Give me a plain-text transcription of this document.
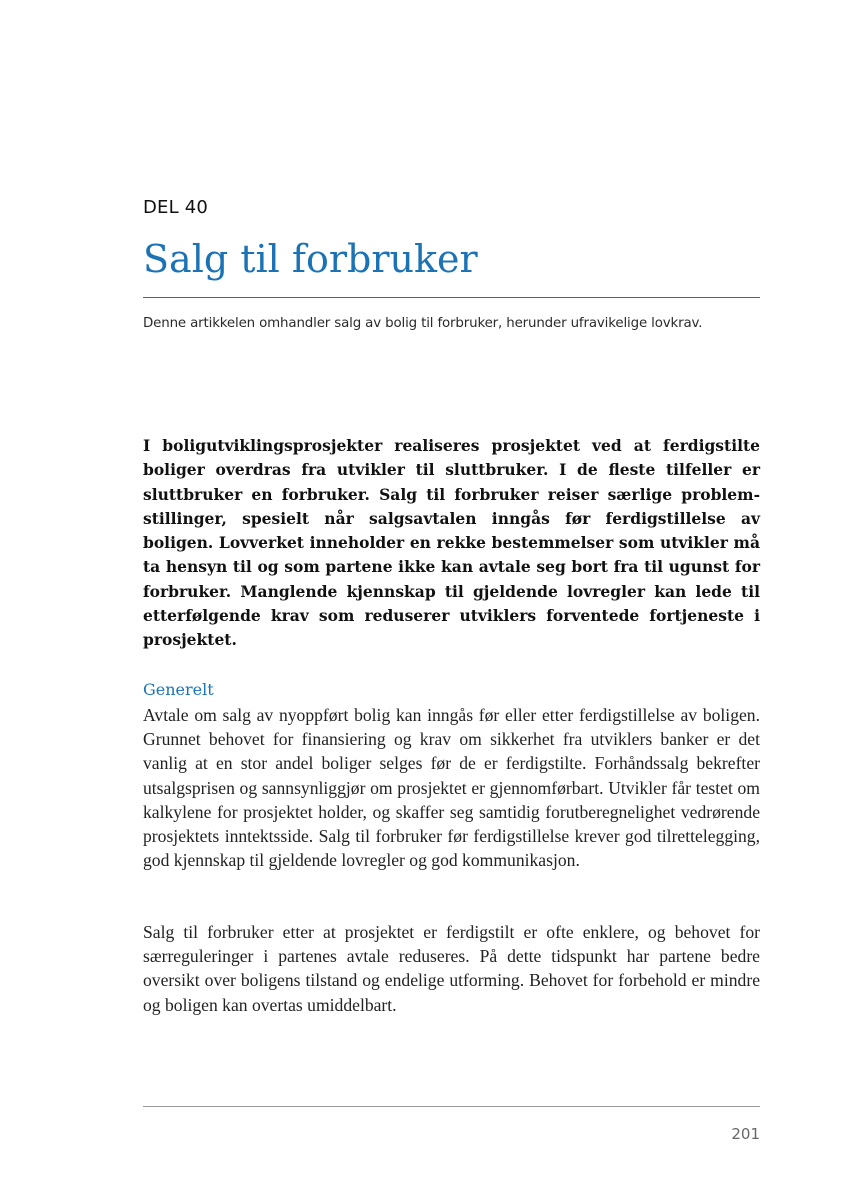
DEL 40
Salg til forbruker
Denne artikkelen omhandler salg av bolig til forbruker, herunder ufravikelige lovkrav.

I boligutviklingsprosjekter realiseres prosjektet ved at ferdigstilte boliger overdras fra utvikler til sluttbruker. I de fleste tilfeller er sluttbruker en forbruker. Salg til forbruker reiser særlige problemstillinger, spesielt når salgsavtalen inngås før ferdigstillelse av boligen. Lovverket inneholder en rekke bestemmelser som utvikler må ta hensyn til og som partene ikke kan avtale seg bort fra til ugunst for forbruker. Manglende kjennskap til gjeldende lovregler kan lede til etterfølgende krav som reduserer utviklers forventede fortjeneste i prosjektet.

Generelt

Avtale om salg av nyoppført bolig kan inngås før eller etter ferdigstillelse av boligen. Grunnet behovet for finansiering og krav om sikkerhet fra utviklers banker er det vanlig at en stor andel boliger selges før de er ferdigstilte. Forhåndssalg bekrefter utsalgsprisen og sannsynliggjør om prosjektet er gjennomførbart. Utvikler får testet om kalkylene for prosjektet holder, og skaffer seg samtidig forutberegnelighet vedrørende prosjektets inntektsside. Salg til forbruker før ferdigstillelse krever god tilrettelegging, god kjennskap til gjeldende lovregler og god kommunikasjon.

Salg til forbruker etter at prosjektet er ferdigstilt er ofte enklere, og behovet for særreguleringer i partenes avtale reduseres. På dette tidspunkt har partene bedre oversikt over boligens tilstand og endelige utforming. Behovet for forbehold er mindre og boligen kan overtas umiddelbart.

201
